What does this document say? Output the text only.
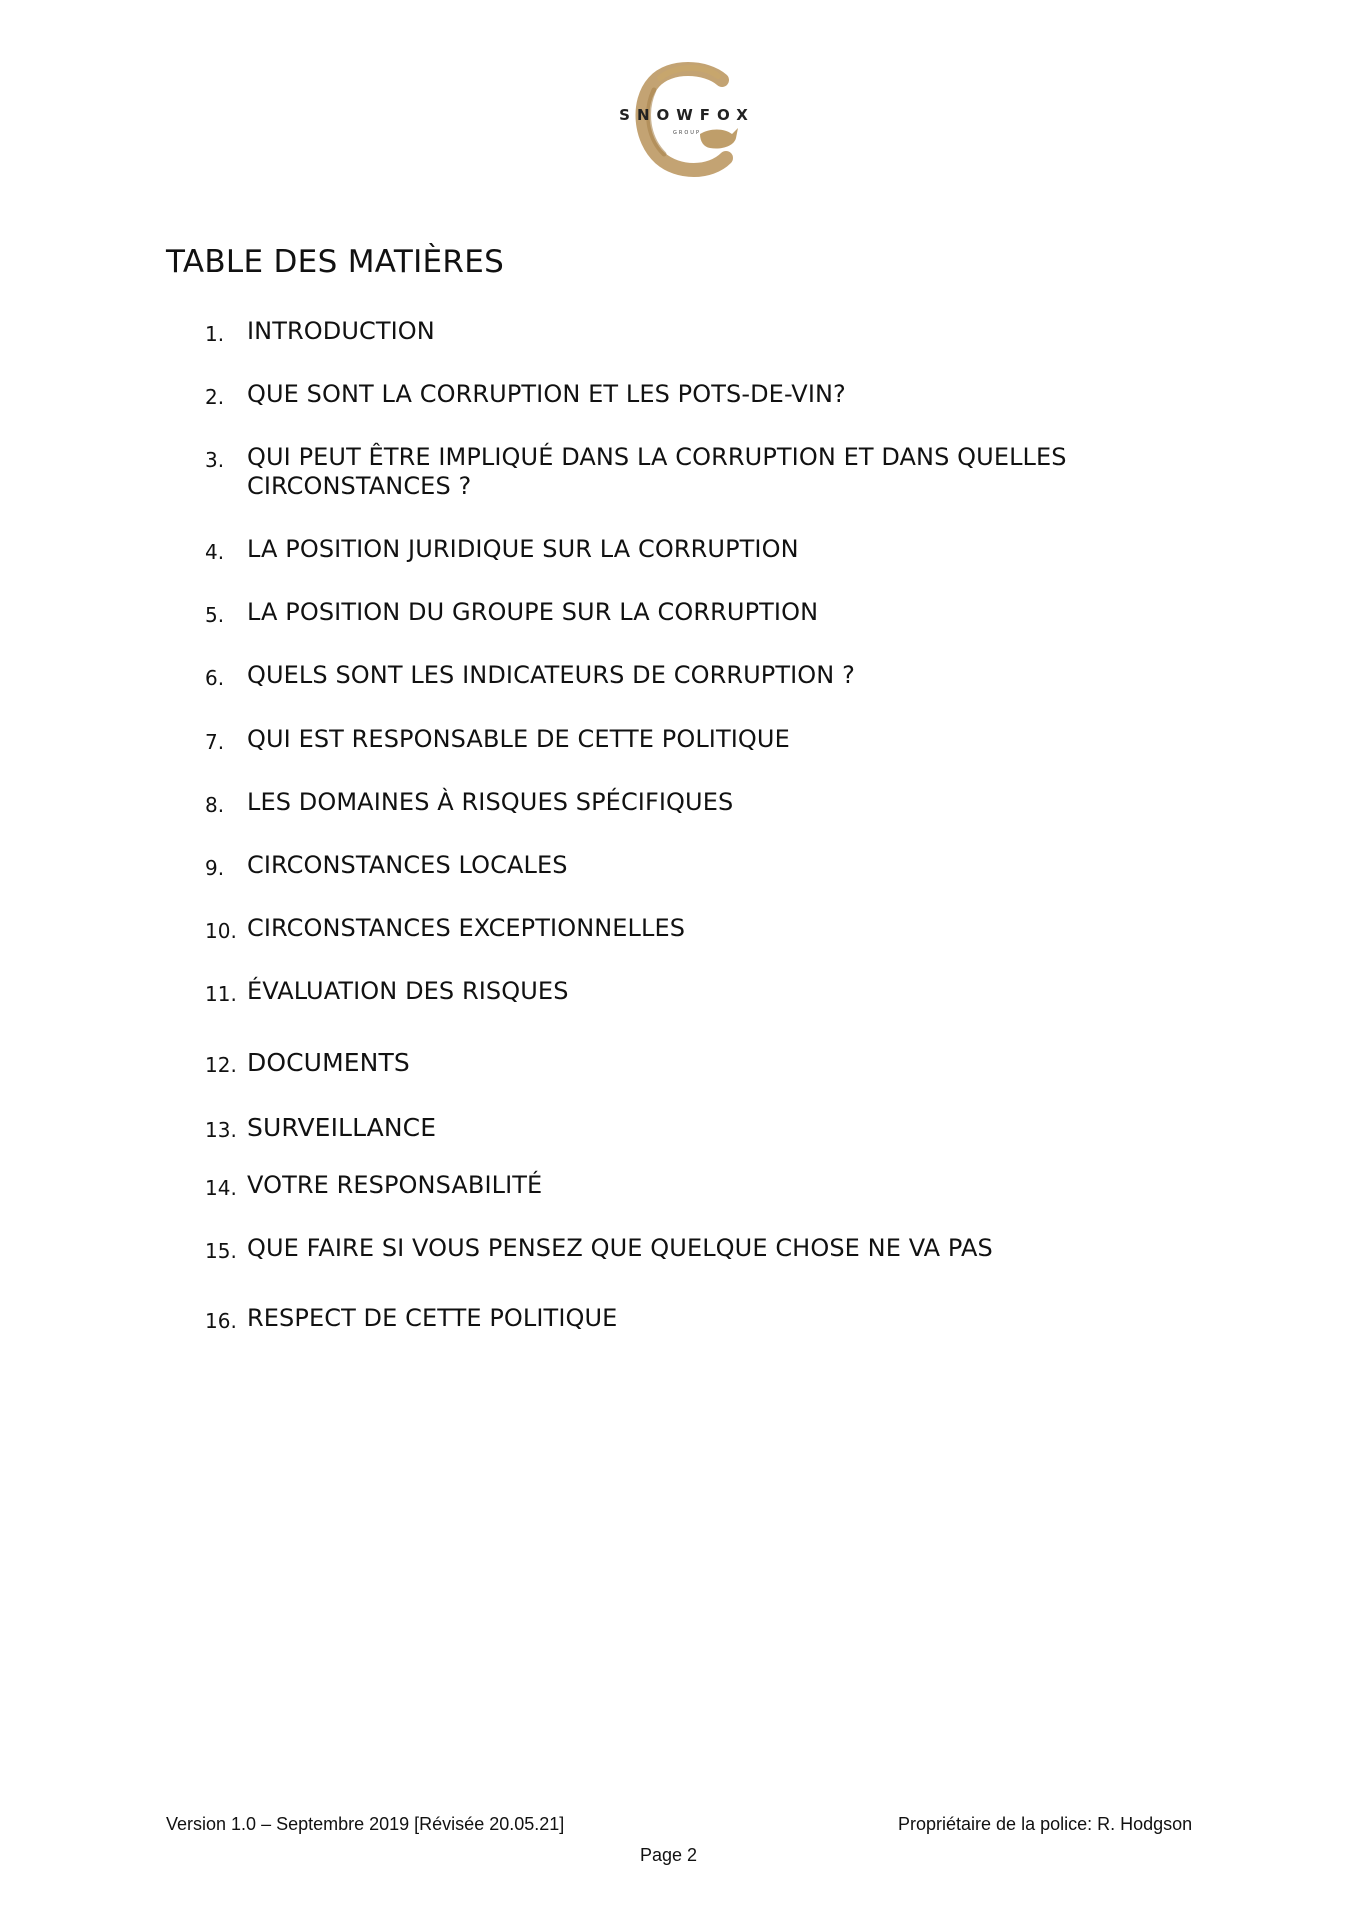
SNOWFOX
GROUP
TABLE DES MATIÈRES
1. INTRODUCTION
2. QUE SONT LA CORRUPTION ET LES POTS-DE-VIN?
3. QUI PEUT ÊTRE IMPLIQUÉ DANS LA CORRUPTION ET DANS QUELLES CIRCONSTANCES ?
4. LA POSITION JURIDIQUE SUR LA CORRUPTION
5. LA POSITION DU GROUPE SUR LA CORRUPTION
6. QUELS SONT LES INDICATEURS DE CORRUPTION ?
7. QUI EST RESPONSABLE DE CETTE POLITIQUE
8. LES DOMAINES À RISQUES SPÉCIFIQUES
9. CIRCONSTANCES LOCALES
10. CIRCONSTANCES EXCEPTIONNELLES
11. ÉVALUATION DES RISQUES
12. DOCUMENTS
13. SURVEILLANCE
14. VOTRE RESPONSABILITÉ
15. QUE FAIRE SI VOUS PENSEZ QUE QUELQUE CHOSE NE VA PAS
16. RESPECT DE CETTE POLITIQUE
Version 1.0 – Septembre 2019 [Révisée 20.05.21]	Propriétaire de la police: R. Hodgson
Page 2
